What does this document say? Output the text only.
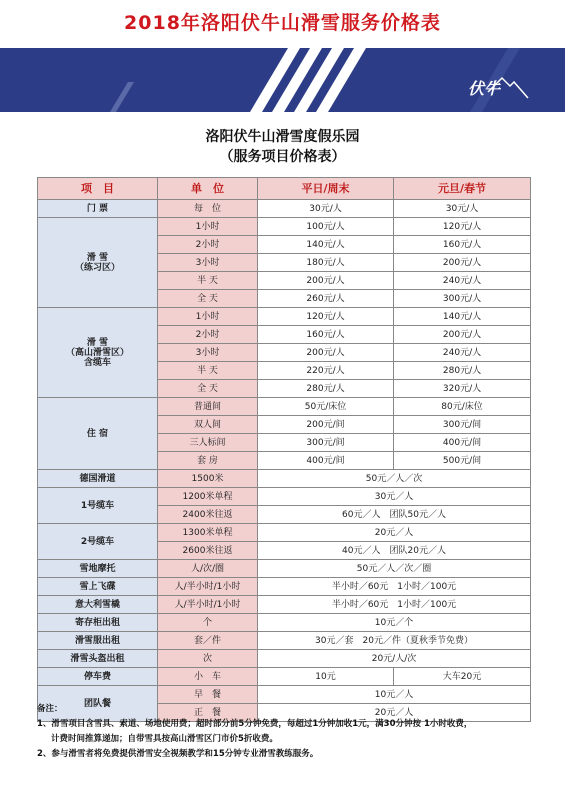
2018年洛阳伏牛山滑雪服务价格表
伏牛
洛阳伏牛山滑雪度假乐园
（服务项目价格表）
项　目	单　位	平日/周末	元旦/春节
门 票	每　位	30元/人	30元/人

滑 雪
（练习区）	1小时	100元/人	120元/人
	2小时	140元/人	160元/人
	3小时	180元/人	200元/人
	半 天	200元/人	240元/人
	全 天	260元/人	300元/人

滑 雪
（高山滑雪区）
含缆车	1小时	120元/人	140元/人
	2小时	160元/人	200元/人
	3小时	200元/人	240元/人
	半 天	220元/人	280元/人
	全 天	280元/人	320元/人
住 宿	普通间	50元/床位	80元/床位
	双人间	200元/间	300元/间
	三人标间	300元/间	400元/间
	套 房	400元/间	500元/间
德国滑道	1500米	50元／人／次	
1号缆车	1200米单程	30元／人	
	2400米往返	60元／人　团队50元／人	
2号缆车	1300米单程	20元／人	
	2600米往返	40元／人　团队20元／人	
雪地摩托	人/次/圈	50元／人／次／圈	
雪上飞碟	人/半小时/1小时	半小时／60元　1小时／100元	
意大利雪橇	人/半小时/1小时	半小时／60元　1小时／100元	
寄存柜出租	个	10元／个	
滑雪服出租	套／件	30元／套　20元／件（夏秋季节免费）	
滑雪头盔出租	次	20元/人/次	
停车费	小　车	10元	大车20元
团队餐	早　餐	10元／人	
	正　餐	20元／人	
备注：
1、滑雪项目含雪具、索道、场地使用费；超时部分前5分钟免费，每超过1分钟加收1元，满30分钟按 1小时收费，
计费时间推算递加；自带雪具按高山滑雪区门市价5折收费。
2、参与滑雪者将免费提供滑雪安全视频教学和15分钟专业滑雪教练服务。
